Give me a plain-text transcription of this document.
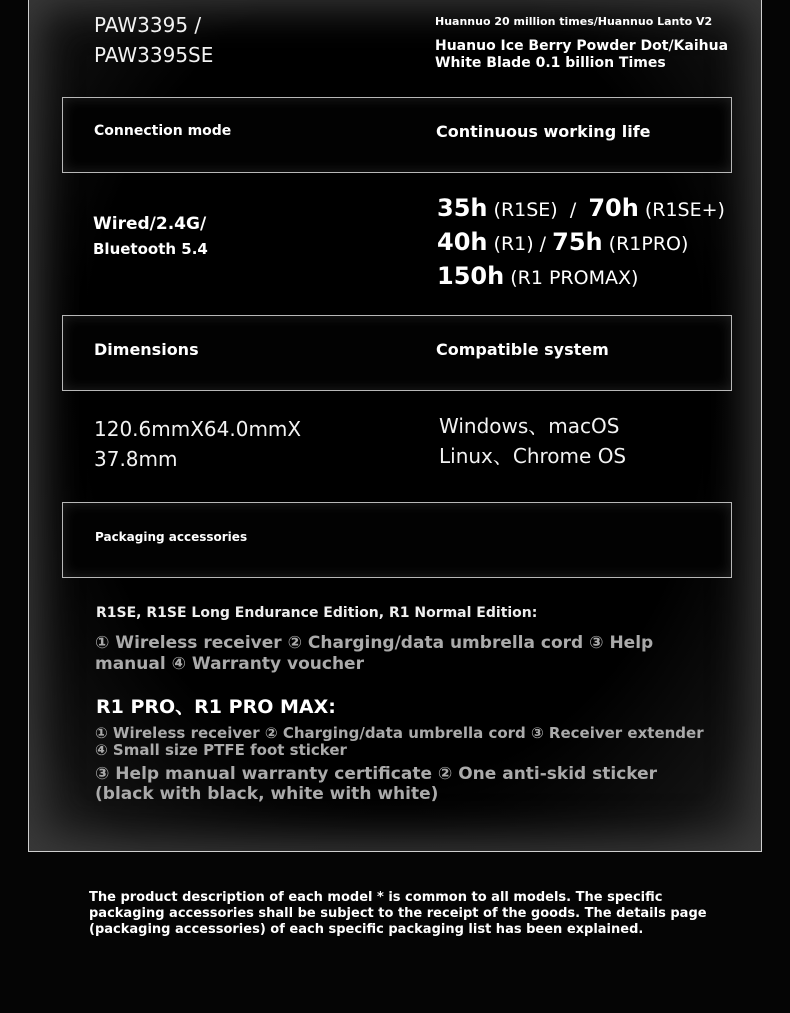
PAW3395 /
PAW3395SE
Huannuo 20 million times/Huannuo Lanto V2
Huanuo Ice Berry Powder Dot/Kaihua White Blade 0.1 billion Times
Connection mode	Continuous working life
Wired/2.4G/
Bluetooth 5.4
35h (R1SE) / 70h (R1SE+)
40h (R1) / 75h (R1PRO)
150h (R1 PROMAX)
Dimensions	Compatible system
120.6mmX64.0mmX
37.8mm
Windows、macOS
Linux、Chrome OS
Packaging accessories
R1SE, R1SE Long Endurance Edition, R1 Normal Edition:
① Wireless receiver ② Charging/data umbrella cord ③ Help manual ④ Warranty voucher
R1 PRO、R1 PRO MAX:
① Wireless receiver ② Charging/data umbrella cord ③ Receiver extender ④ Small size PTFE foot sticker
③ Help manual warranty certificate ② One anti-skid sticker (black with black, white with white)
The product description of each model * is common to all models. The specific packaging accessories shall be subject to the receipt of the goods. The details page (packaging accessories) of each specific packaging list has been explained.
